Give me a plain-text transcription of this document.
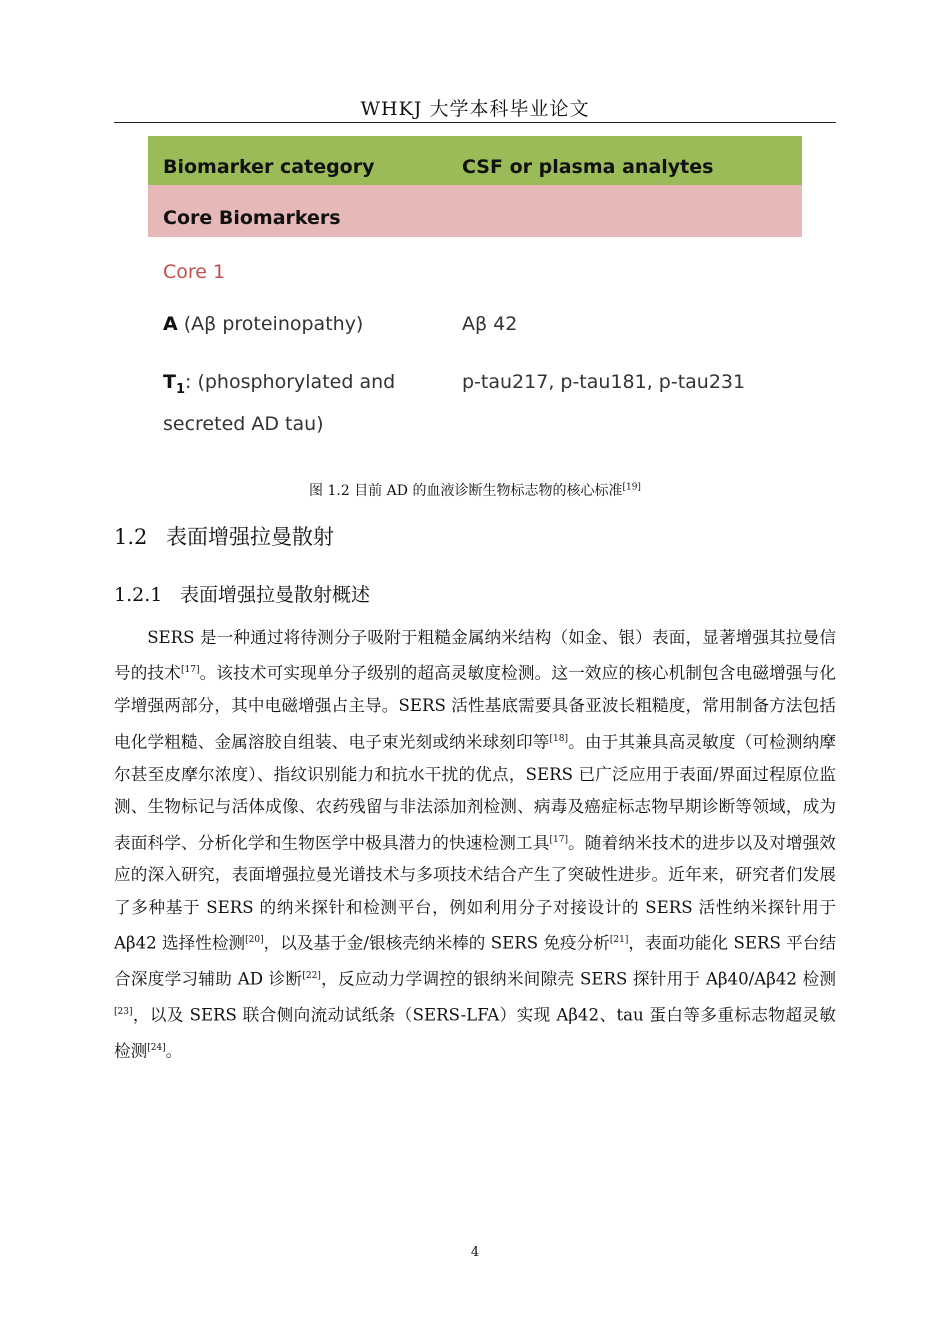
WHKJ 大学本科毕业论文
Biomarker category	CSF or plasma analytes
Core Biomarkers
Core 1
A (Aβ proteinopathy)	Aβ 42
$T_1$: (phosphorylated and secreted AD tau)
p-tau217, p-tau181, p-tau231
图 1.2 目前 AD 的血液诊断生物标志物的核心标准[19]
1.2 表面增强拉曼散射
1.2.1 表面增强拉曼散射概述
SERS 是一种通过将待测分子吸附于粗糙金属纳米结构（如金、银）表面，显著增强其拉曼信号的技术[17]。该技术可实现单分子级别的超高灵敏度检测。这一效应的核心机制包含电磁增强与化学增强两部分，其中电磁增强占主导。SERS 活性基底需要具备亚波长粗糙度，常用制备方法包括电化学粗糙、金属溶胶自组装、电子束光刻或纳米球刻印等[18]。由于其兼具高灵敏度（可检测纳摩尔甚至皮摩尔浓度）、指纹识别能力和抗水干扰的优点，SERS 已广泛应用于表面/界面过程原位监测、生物标记与活体成像、农药残留与非法添加剂检测、病毒及癌症标志物早期诊断等领域，成为表面科学、分析化学和生物医学中极具潜力的快速检测工具[17]。随着纳米技术的进步以及对增强效应的深入研究，表面增强拉曼光谱技术与多项技术结合产生了突破性进步。近年来，研究者们发展了多种基于 SERS 的纳米探针和检测平台，例如利用分子对接设计的 SERS 活性纳米探针用于 Aβ42 选择性检测[20]，以及基于金/银核壳纳米棒的 SERS 免疫分析[21]，表面功能化 SERS 平台结合深度学习辅助 AD 诊断[22]，反应动力学调控的银纳米间隙壳 SERS 探针用于 Aβ40/Aβ42 检测[23]，以及 SERS 联合侧向流动试纸条（SERS-LFA）实现 Aβ42、tau 蛋白等多重标志物超灵敏检测[24]。
4
